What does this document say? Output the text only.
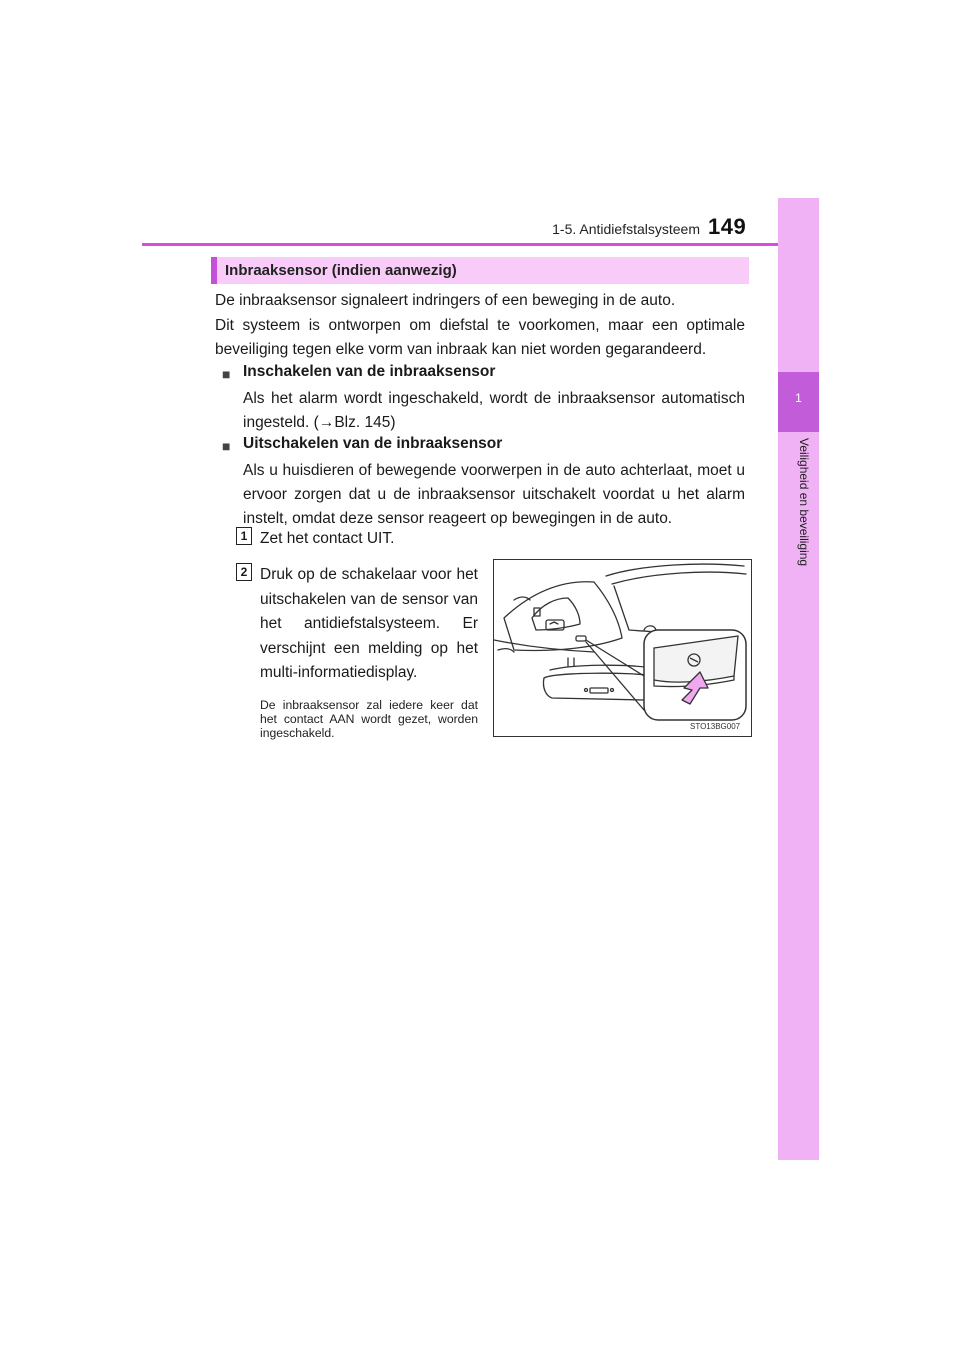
1-5. Antidiefstalsysteem 149
1
Veiligheid en beveiliging
Inbraaksensor (indien aanwezig)
De inbraaksensor signaleert indringers of een beweging in de auto.
Dit systeem is ontworpen om diefstal te voorkomen, maar een optimale beveiliging tegen elke vorm van inbraak kan niet worden gegarandeerd.
■ Inschakelen van de inbraaksensor
Als het alarm wordt ingeschakeld, wordt de inbraaksensor automatisch ingesteld. (→Blz. 145)
■ Uitschakelen van de inbraaksensor
Als u huisdieren of bewegende voorwerpen in de auto achterlaat, moet u ervoor zorgen dat u de inbraaksensor uitschakelt voordat u het alarm instelt, omdat deze sensor reageert op bewegingen in de auto.
1 Zet het contact UIT.
2 Druk op de schakelaar voor het uitschakelen van de sensor van het antidiefstalsysteem. Er verschijnt een melding op het multi-informatiedisplay.
De inbraaksensor zal iedere keer dat het contact AAN wordt gezet, worden ingeschakeld.	STO13BG007
